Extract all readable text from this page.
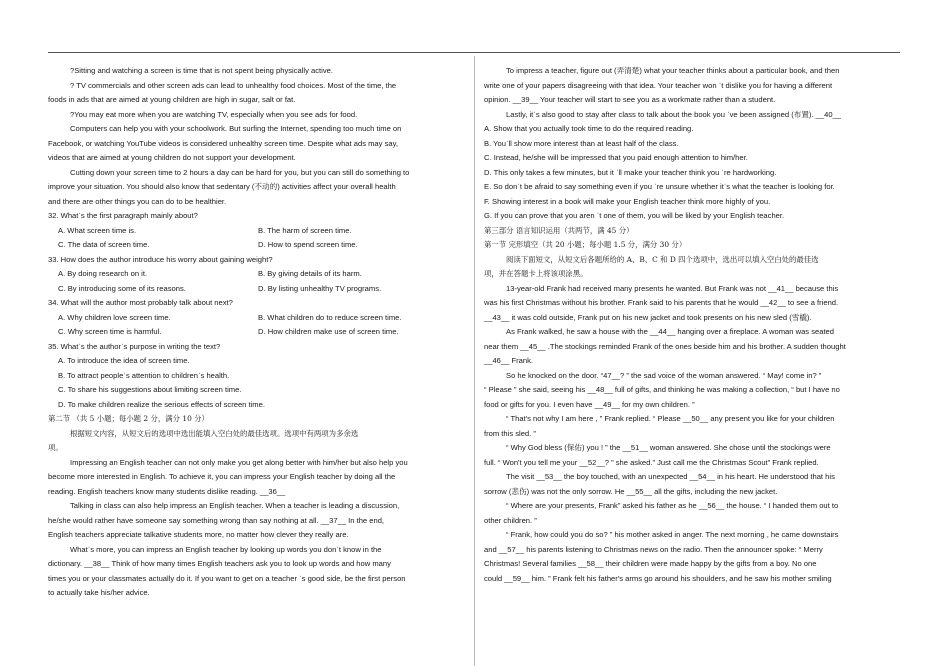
?Sitting and watching a screen is time that is not spent being physically active.
? TV commercials and other screen ads can lead to unhealthy food choices. Most of the time, the
foods in ads that are aimed at young children are high in sugar, salt or fat.
?You may eat more when you are watching TV, especially when you see ads for food.
Computers can help you with your schoolwork. But surfing the Internet, spending too much time on
Facebook, or watching YouTube videos is considered unhealthy screen time. Despite what ads may say,
videos that are aimed at young children do not support your development.
Cutting down your screen time to 2 hours a day can be hard for you, but you can still do something to
improve your situation. You should also know that sedentary (不动的) activities affect your overall health
and there are other things you can do to be healthier.
32. Whatˈs the first paragraph mainly about?
A. What screen time is.	B. The harm of screen time.
C. The data of screen time.	D. How to spend screen time.
33. How does the author introduce his worry about gaining weight?
A. By doing research on it.	B. By giving details of its harm.
C. By introducing some of its reasons.	D. By listing unhealthy TV programs.
34. What will the author most probably talk about next?
A. Why children love screen time.	B. What children do to reduce screen time.
C. Why screen time is harmful.	D. How children make use of screen time.
35. Whatˈs the authorˈs purpose in writing the text?
A. To introduce the idea of screen time.
B. To attract peopleˈs attention to childrenˈs health.
C. To share his suggestions about limiting screen time.
D. To make children realize the serious effects of screen time.
第二节 （共 5 小题；每小题 2 分，满分 10 分）
根据短文内容，从短文后的选项中选出能填入空白处的最佳选项。选项中有两项为多余选
项。
Impressing an English teacher can not only make you get along better with him/her but also help you
become more interested in English. To achieve it, you can impress your English teacher by doing all the
reading. English teachers know many students dislike reading. __36__
Talking in class can also help impress an English teacher. When a teacher is leading a discussion,
he/she would rather have someone say something wrong than say nothing at all. __37__ In the end,
English teachers appreciate talkative students more, no matter how clever they really are.
Whatˈs more, you can impress an English teacher by looking up words you donˈt know in the
dictionary. __38__ Think of how many times English teachers ask you to look up words and how many
times you or your classmates actually do it. If you want to get on a teacher ˈs good side, be the first person
to actually take his/her advice.
To impress a teacher, figure out (弄清楚) what your teacher thinks about a particular book, and then
write one of your papers disagreeing with that idea. Your teacher won ˈt dislike you for having a different
opinion. __39__ Your teacher will start to see you as a workmate rather than a student.
Lastly, itˈs also good to stay after class to talk about the book you ˈve been assigned (布置). __40__
A. Show that you actually took time to do the required reading.
B. Youˈll show more interest than at least half of the class.
C. Instead, he/she will be impressed that you paid enough attention to him/her.
D. This only takes a few minutes, but it ˈll make your teacher think you ˈre hardworking.
E. So donˈt be afraid to say something even if you ˈre unsure whether itˈs what the teacher is looking for.
F. Showing interest in a book will make your English teacher think more highly of you.
G. If you can prove that you aren ˈt one of them, you will be liked by your English teacher.
第三部分 语言知识运用（共两节，满 45 分）
第一节 完形填空（共 20 小题；每小题 1.5 分，满分 30 分）
阅读下面短文，从短文后各题所给的 A、B、C 和 D 四个选项中，选出可以填入空白处的最佳选
项，并在答题卡上将该项涂黑。
13-year-old Frank had received many presents he wanted. But Frank was not __41__ because this
was his first Christmas without his brother. Frank said to his parents that he would __42__ to see a friend.
__43__ it was cold outside, Frank put on his new jacket and took presents on his new sled (雪橇).
As Frank walked, he saw a house with the __44__ hanging over a fireplace. A woman was seated
near them __45__ .The stockings reminded Frank of the ones beside him and his brother. A sudden thought
__46__ Frank.
So he knocked on the door. “47__? ” the sad voice of the woman answered. “ May! come in? ”
“ Please ” she said, seeing his __48__ full of gifts, and thinking he was making a collection, “ but I have no
food or gifts for you. I even have __49__ for my own children. ”
“ That's not why I am here , ” Frank replied. “ Please __50__ any present you like for your children
from this sled. ”
“ Why God bless (保佑) you ! ” the __51__ woman answered. She chose until the stockings were
full. “ Won't you tell me your __52__? ” she asked.” Just call me the Christmas Scout” Frank replied.
The visit __53__ the boy touched, with an unexpected __54__ in his heart. He understood that his
sorrow (悲伤) was not the only sorrow. He __55__ all the gifts, including the new jacket.
“ Where are your presents, Frank” asked his father as he __56__ the house. “ I handed them out to
other children. ”
“ Frank, how could you do so? ” his mother asked in anger. The next morning , he came downstairs
and __57__ his parents listening to Christmas news on the radio. Then the announcer spoke: “ Merry
Christmas! Several families __58__ their children were made happy by the gifts from a boy. No one
could __59__ him. ” Frank felt his father's arms go around his shoulders, and he saw his mother smiling
